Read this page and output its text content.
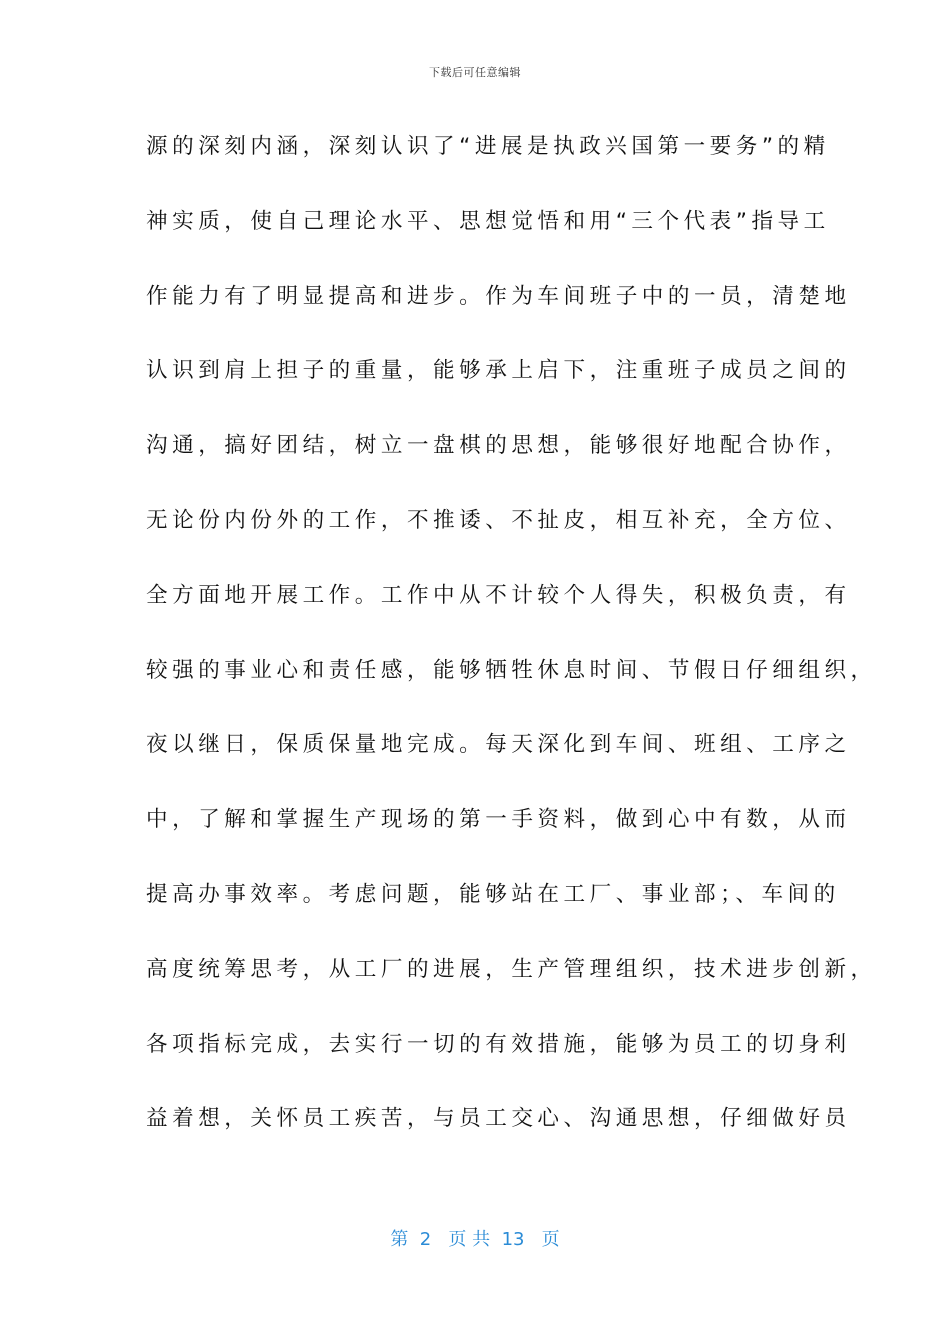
下载后可任意编辑
源的深刻内涵，深刻认识了“进展是执政兴国第一要务”的精
神实质，使自己理论水平、思想觉悟和用“三个代表”指导工
作能力有了明显提高和进步。作为车间班子中的一员，清楚地
认识到肩上担子的重量，能够承上启下，注重班子成员之间的
沟通，搞好团结，树立一盘棋的思想，能够很好地配合协作，
无论份内份外的工作，不推诿、不扯皮，相互补充，全方位、
全方面地开展工作。工作中从不计较个人得失，积极负责，有
较强的事业心和责任感，能够牺牲休息时间、节假日仔细组织，
夜以继日，保质保量地完成。每天深化到车间、班组、工序之
中，了解和掌握生产现场的第一手资料，做到心中有数，从而
提高办事效率。考虑问题，能够站在工厂、事业部；、车间的
高度统筹思考，从工厂的进展，生产管理组织，技术进步创新，
各项指标完成，去实行一切的有效措施，能够为员工的切身利
益着想，关怀员工疾苦，与员工交心、沟通思想，仔细做好员
第  2   页 共  13   页
